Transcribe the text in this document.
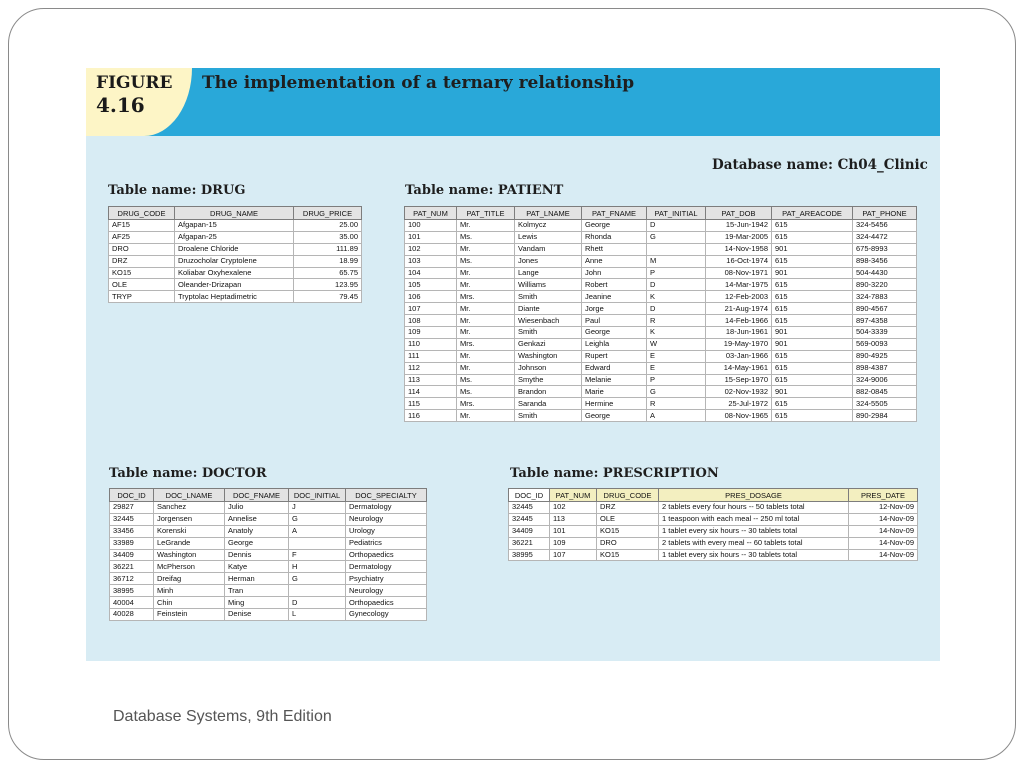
FIGURE
4.16
The implementation of a ternary relationship
Database name: Ch04_Clinic
Table name: DRUG
DRUG_CODE	DRUG_NAME	DRUG_PRICE
AF15	Afgapan-15	25.00
AF25	Afgapan-25	35.00
DRO	Droalene Chloride	111.89
DRZ	Druzocholar Cryptolene	18.99
KO15	Koliabar Oxyhexalene	65.75
OLE	Oleander-Drizapan	123.95
TRYP	Tryptolac Heptadimetric	79.45
Table name: PATIENT
PAT_NUM	PAT_TITLE	PAT_LNAME	PAT_FNAME	PAT_INITIAL	PAT_DOB	PAT_AREACODE	PAT_PHONE
100	Mr.	Kolmycz	George	D	15-Jun-1942	615	324-5456
101	Ms.	Lewis	Rhonda	G	19-Mar-2005	615	324-4472
102	Mr.	Vandam	Rhett		14-Nov-1958	901	675-8993
103	Ms.	Jones	Anne	M	16-Oct-1974	615	898-3456
104	Mr.	Lange	John	P	08-Nov-1971	901	504-4430
105	Mr.	Williams	Robert	D	14-Mar-1975	615	890-3220
106	Mrs.	Smith	Jeanine	K	12-Feb-2003	615	324-7883
107	Mr.	Diante	Jorge	D	21-Aug-1974	615	890-4567
108	Mr.	Wiesenbach	Paul	R	14-Feb-1966	615	897-4358
109	Mr.	Smith	George	K	18-Jun-1961	901	504-3339
110	Mrs.	Genkazi	Leighla	W	19-May-1970	901	569-0093
111	Mr.	Washington	Rupert	E	03-Jan-1966	615	890-4925
112	Mr.	Johnson	Edward	E	14-May-1961	615	898-4387
113	Ms.	Smythe	Melanie	P	15-Sep-1970	615	324-9006
114	Ms.	Brandon	Marie	G	02-Nov-1932	901	882-0845
115	Mrs.	Saranda	Hermine	R	25-Jul-1972	615	324-5505
116	Mr.	Smith	George	A	08-Nov-1965	615	890-2984
Table name: DOCTOR
DOC_ID	DOC_LNAME	DOC_FNAME	DOC_INITIAL	DOC_SPECIALTY
29827	Sanchez	Julio	J	Dermatology
32445	Jorgensen	Annelise	G	Neurology
33456	Korenski	Anatoly	A	Urology
33989	LeGrande	George		Pediatrics
34409	Washington	Dennis	F	Orthopaedics
36221	McPherson	Katye	H	Dermatology
36712	Dreifag	Herman	G	Psychiatry
38995	Minh	Tran		Neurology
40004	Chin	Ming	D	Orthopaedics
40028	Feinstein	Denise	L	Gynecology
Table name: PRESCRIPTION
DOC_ID	PAT_NUM	DRUG_CODE	PRES_DOSAGE	PRES_DATE
32445	102	DRZ	2 tablets every four hours -- 50 tablets total	12-Nov-09
32445	113	OLE	1 teaspoon with each meal -- 250 ml total	14-Nov-09
34409	101	KO15	1 tablet every six hours -- 30 tablets total	14-Nov-09
36221	109	DRO	2 tablets with every meal -- 60 tablets total	14-Nov-09
38995	107	KO15	1 tablet every six hours -- 30 tablets total	14-Nov-09
Database Systems, 9th Edition
